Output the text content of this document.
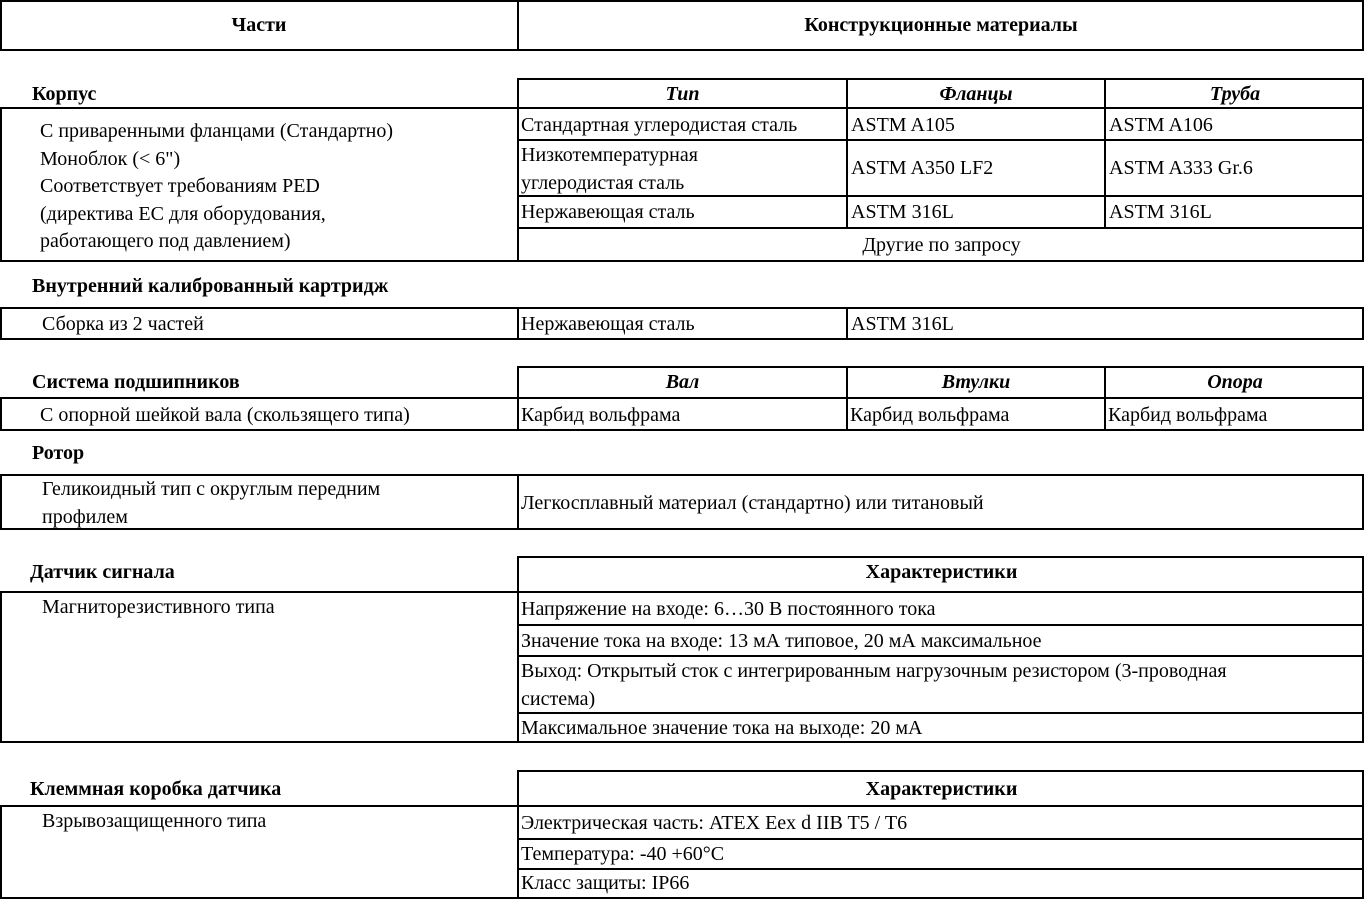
Части	Конструкционные материалы
Корпус	Тип	Фланцы	Труба
С приваренными фланцами (Стандартно)
Моноблок (< 6")
Соответствует требованиям PED
(директива ЕС для оборудования,
работающего под давлением)
Стандартная углеродистая сталь	ASTM A105	ASTM A106
Низкотемпературная
углеродистая сталь
ASTM A350 LF2	ASTM A333 Gr.6
Нержавеющая сталь	ASTM 316L	ASTM 316L
Другие по запросу
Внутренний калиброванный картридж
Сборка из 2 частей	Нержавеющая сталь	ASTM 316L
Система подшипников	Вал	Втулки	Опора
С опорной шейкой вала (скользящего типа)	Карбид вольфрама	Карбид вольфрама	Карбид вольфрама
Ротор
Геликоидный тип с округлым передним
профилем
Легкосплавный материал (стандартно) или титановый
Датчик сигнала	Характеристики
Магниторезистивного типа	Напряжение на входе: 6…30 В постоянного тока
Значение тока на входе: 13 мА типовое, 20 мА максимальное
Выход: Открытый сток с интегрированным нагрузочным резистором (3-проводная
система)
Максимальное значение тока на выходе: 20 мА
Клеммная коробка датчика	Характеристики
Взрывозащищенного типа	Электрическая часть: ATEX Eex d IIB T5 / T6
Температура: -40 +60°C
Класс защиты: IP66
